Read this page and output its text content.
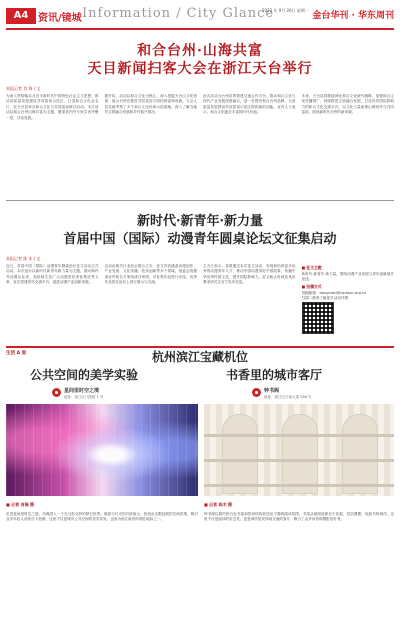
A4 资讯/镜城 Information / City Glance
2022 年 9月 26日 星期一
金台华刊 · 华东周刊
和合台州·山海共富
天目新闻扫客大会在浙江天台举行
本报记者 肖 锋 / 文

为深入贯彻落实习近平新时代中国特色社会主义思想，推动高质量发展建设共同富裕示范区，打造和合文化金名片，在天台县举办和合文化与共同富裕研讨活动。本次活动以和合台州山海共富为主题，邀请省内外专家学者齐聚一堂，共话发展。

据介绍，活动以和合文化为核心，深入挖掘天台山文化资源，展示台州在推进共同富裕方面的探索和成就。与会人员实地考察了多个和合文化传承示范基地，深入了解当地的文旅融合发展和乡村振兴情况。

此次活动为台州各界搭建交流合作平台，推动和合文化与现代产业发展深度融合，进一步擦亮和合台州品牌，为高质量发展建设共同富裕示范区提供新的动能。业内人士表示，和合文化蕴含丰富的时代价值。

未来，天台县将继续深化和合文化研究阐释，加强和合文化传播推广，持续推进文旅融合发展，打造具有国际影响力的和合文化交流平台，以文化力量助推山海协作与共同富裕，展现新时代台州的新风貌。

新时代·新青年·新力量
首届中国（国际）动漫青年圆桌论坛文征集启动
本报记者 陈 木 / 文

近日，首届中国（国际）动漫青年圆桌论坛征文活动正式启动。本次论坛以新时代新青年新力量为主题，面向海内外动漫从业者、高校师生及广大动漫爱好者征集优秀文章，旨在搭建青年交流平台，促进动漫产业创新发展。

活动由相关行业协会联合主办，征文内容涵盖动漫创作、产业发展、文化传播、技术创新等多个领域。组委会将邀请业内知名专家组成评审团，对征集作品进行评选，优秀作品将在论坛上进行展示与交流。

主办方表示，希望通过本次征文活动，发现和培养更多优秀的动漫青年人才，推动中国动漫讲好中国故事，传播中华优秀传统文化，提升国际影响力。征文截止时间及具体要求请关注官方发布信息。

■ 征文主题

新时代·新青年·新力量，围绕动漫产业发展与青年创新展开论述。

■ 投稿方式

投稿邮箱：dongman@cartoon.org.cn

扫描二维码了解更多活动详情

生活 A 面	杭州滨江宝藏机位
公共空间的美学实验
星间里时空之境
地址：滨江区江陵路 1 号
书香里的城市客厅
钟书阁
地址：滨江区江南大道 288 号
■ 记者 肖锋 摄	■ 记者 陈木 摄

走进星间里时空之境，仿佛进入一个光与影交织的梦幻世界。镜面与灯光的巧妙组合，营造出无限延展的空间效果，吸引众多年轻人前来打卡拍照。这里不仅是城市公共空间的美学实验，也成为滨江新晋的网红地标之一。

钟书阁以简约的白色书架和拱形结构营造出宁静的阅读氛围，书架从地面延伸至天花板，层层叠叠，宛如书的海洋。这里不仅是阅读的好去处，更是城市居民休闲交流的客厅，吸引了众多读者和摄影爱好者。
